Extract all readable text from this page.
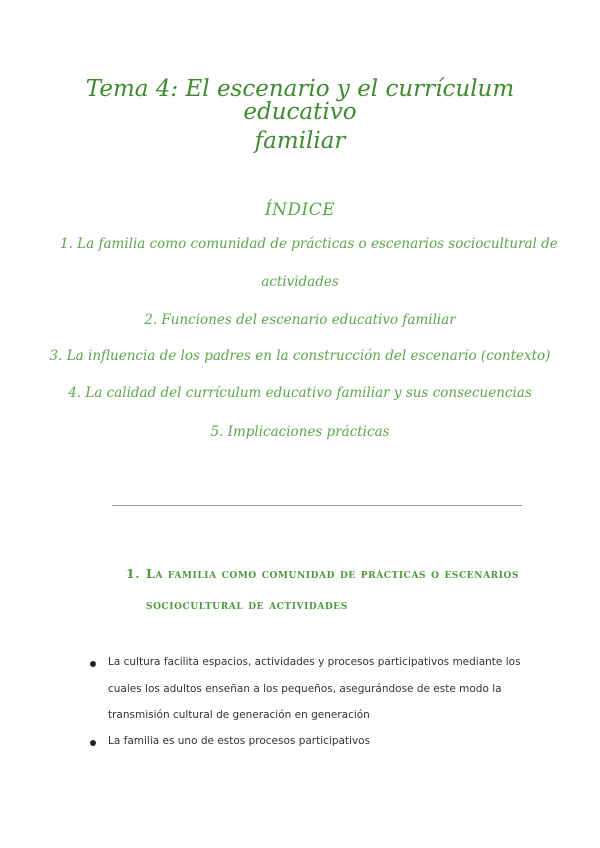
Tema 4: El escenario y el currículum educativo
familiar
ÍNDICE
1. La familia como comunidad de prácticas o escenarios sociocultural de
actividades
2. Funciones del escenario educativo familiar
3. La influencia de los padres en la construcción del escenario (contexto)
4. La calidad del currículum educativo familiar y sus consecuencias
5. Implicaciones prácticas
1. La familia como comunidad de prácticas o escenarios
sociocultural de actividades
La cultura facilita espacios, actividades y procesos participativos mediante los
cuales los adultos enseñan a los pequeños, asegurándose de este modo la
transmisión cultural de generación en generación
La familia es uno de estos procesos participativos
